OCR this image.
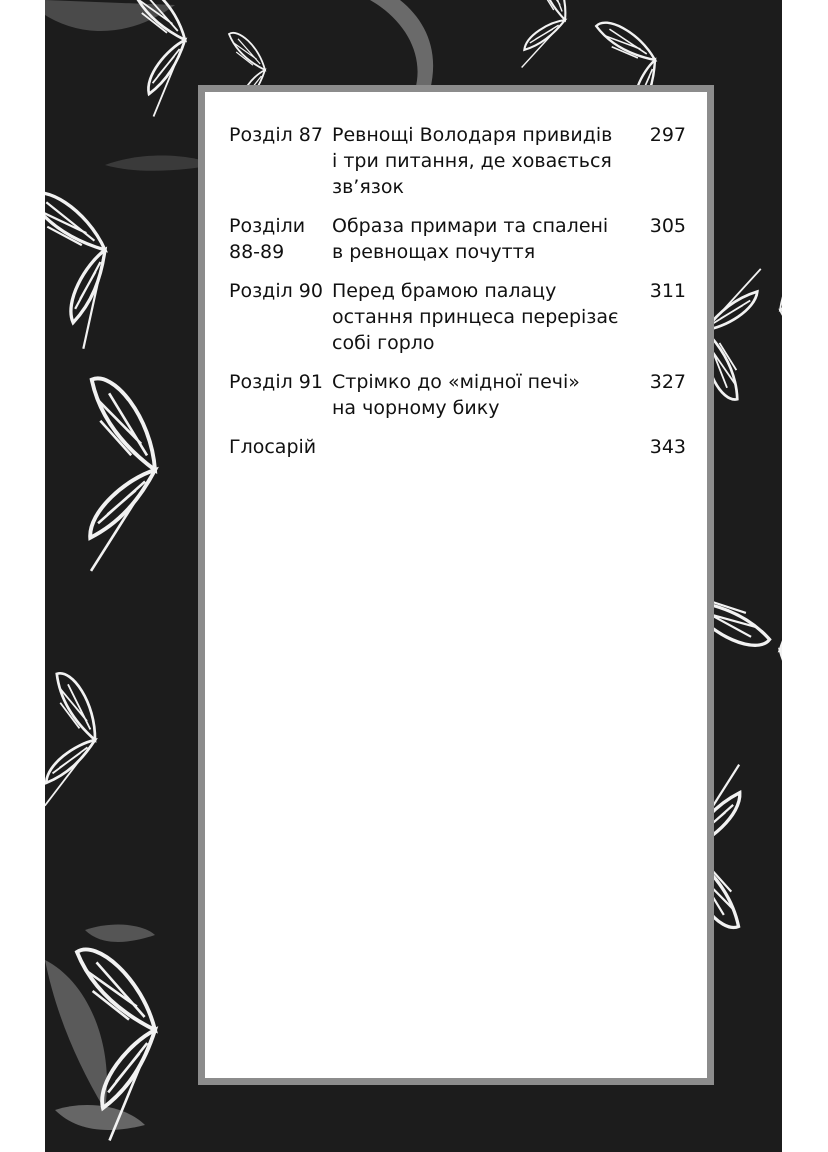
Розділ 87 Ревнощі Володаря привидів
і три питання, де ховається
зв’язок
297
Розділи
88-89
Образа примари та спалені
в ревнощах почуття
305
Розділ 90 Перед брамою палацу
остання принцеса перерізає
собі горло
311
Розділ 91 Стрімко до «мідної печі»
на чорному бику
327
Глосарій	343
